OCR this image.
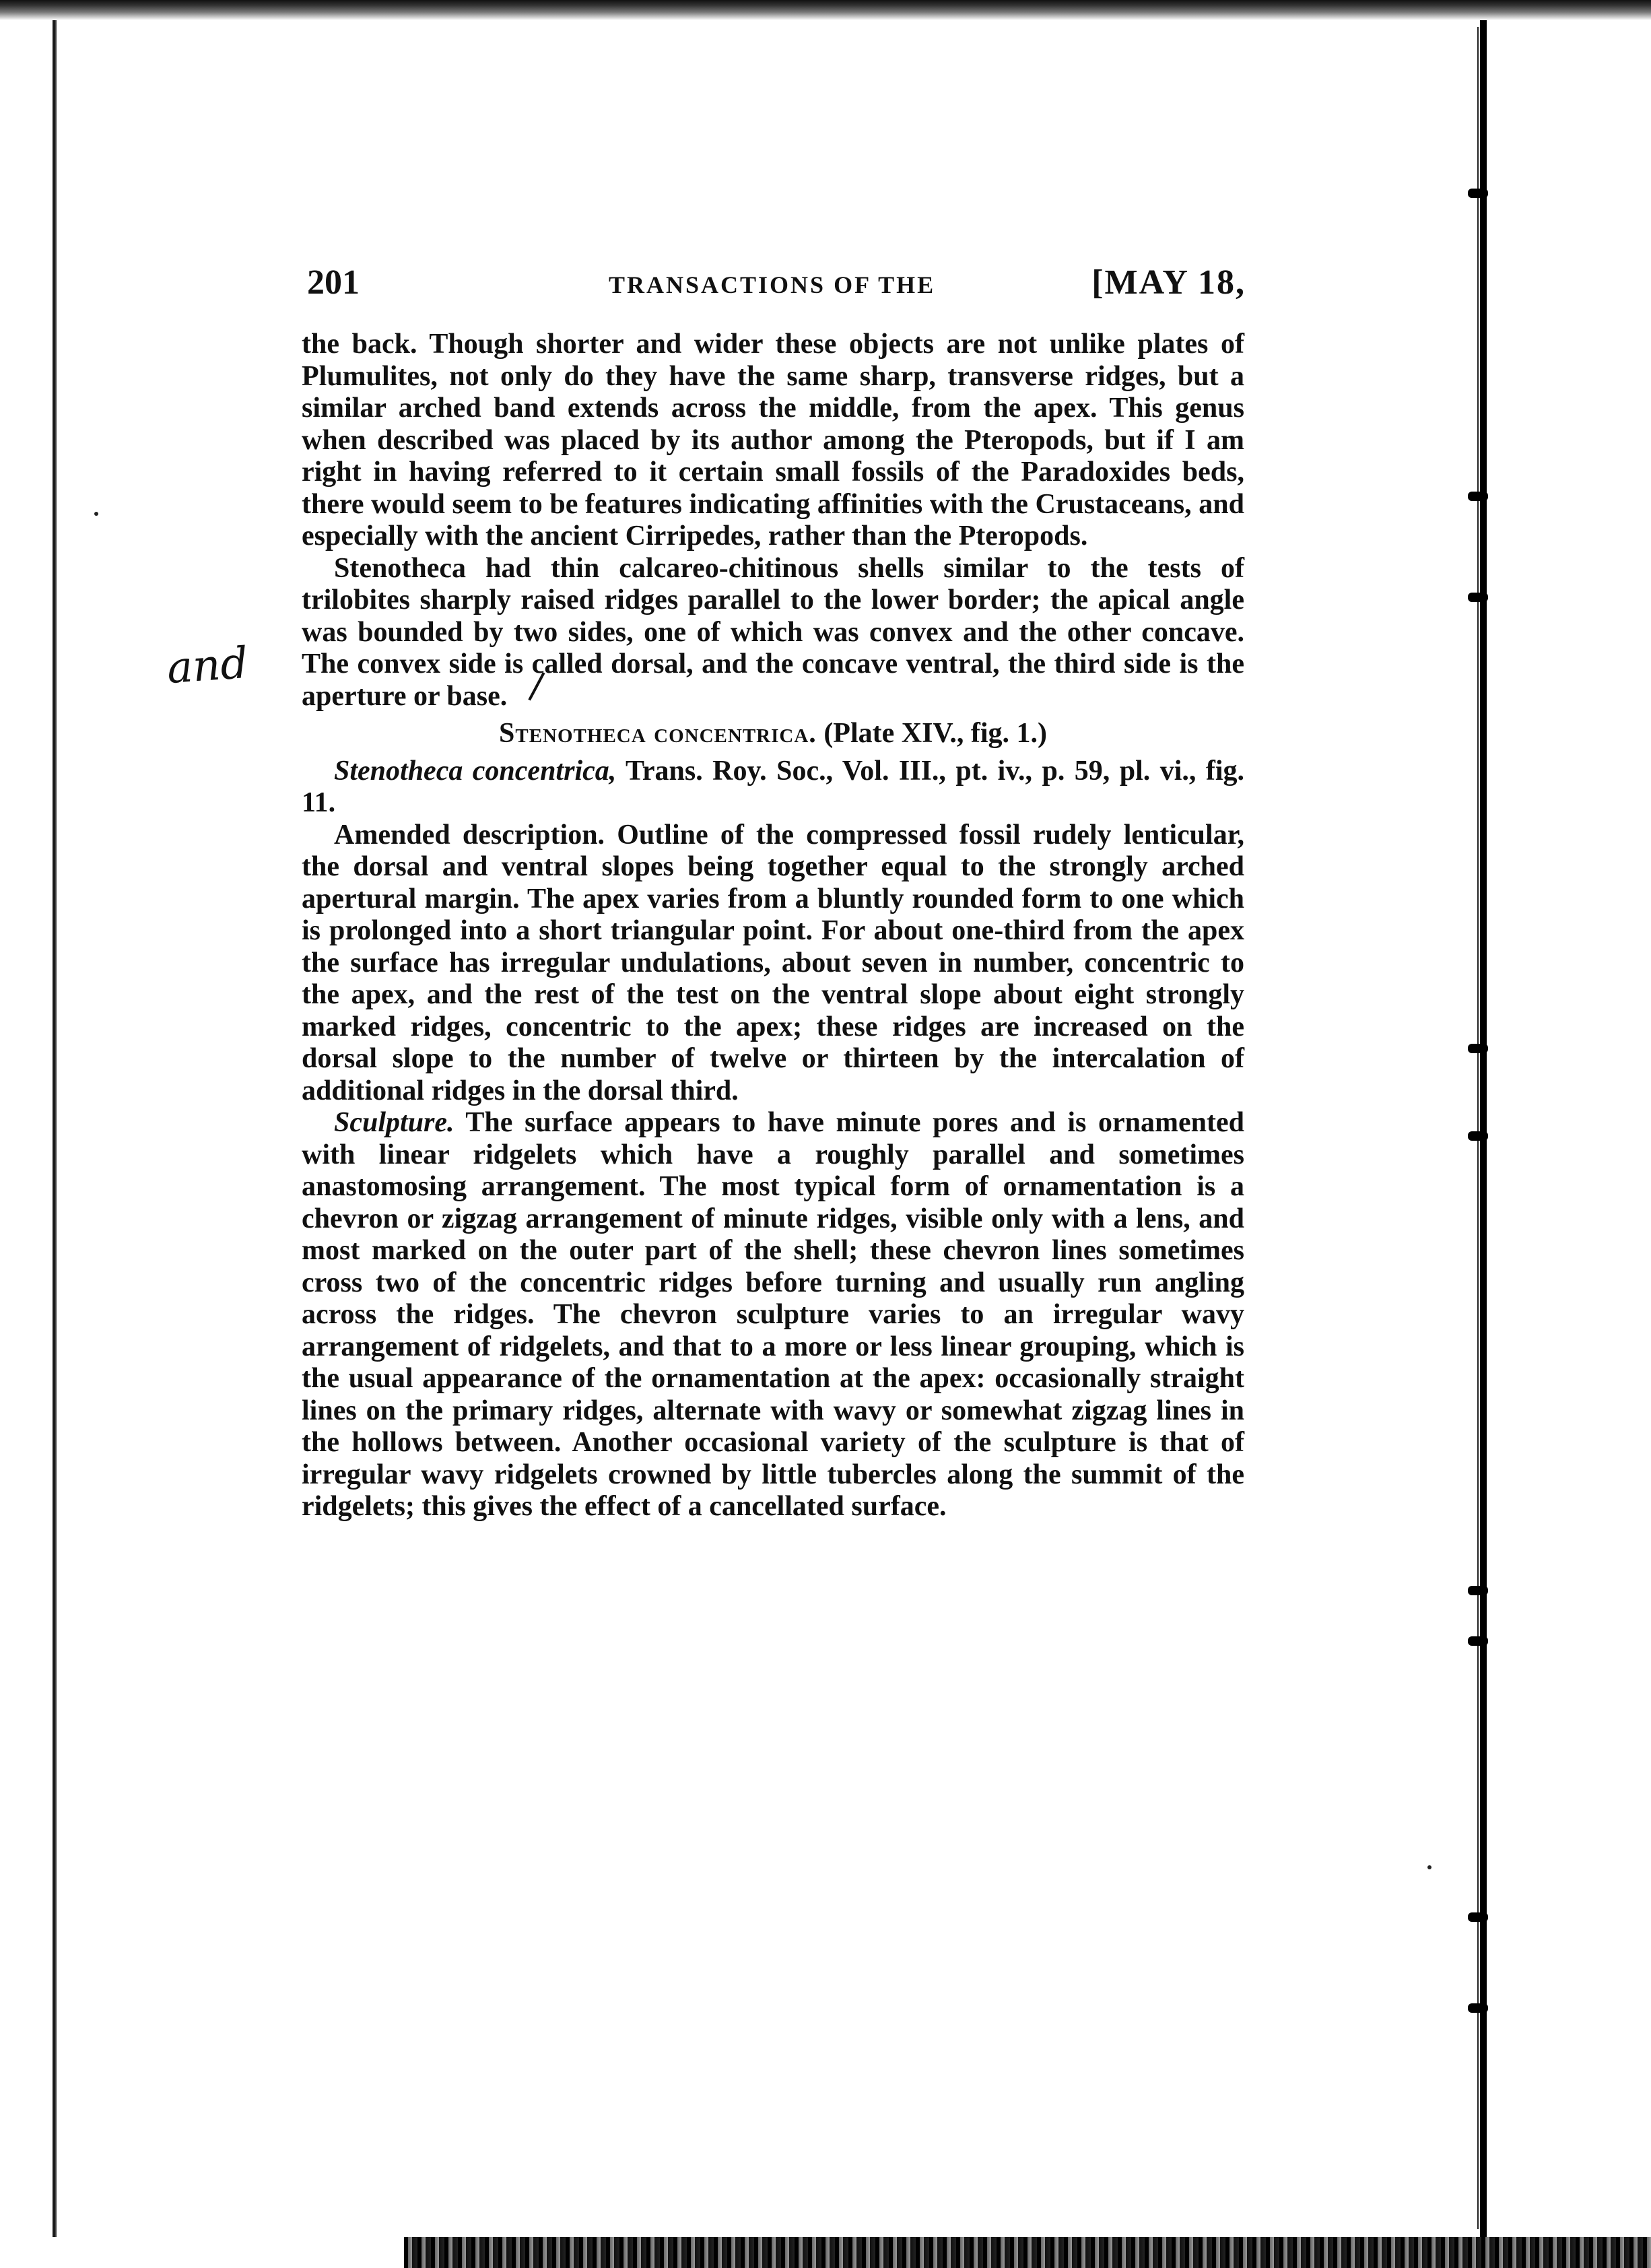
201	TRANSACTIONS OF THE	[MAY 18,

the back. Though shorter and wider these objects are not unlike plates of Plumulites, not only do they have the same sharp, transverse ridges, but a similar arched band extends across the middle, from the apex. This genus when described was placed by its author among the Pteropods, but if I am right in having referred to it certain small fossils of the Paradoxides beds, there would seem to be features indicating affinities with the Crustaceans, and especially with the ancient Cirripedes, rather than the Pteropods.

Stenotheca had thin calcareo-chitinous shells similar to the tests of trilobites sharply raised ridges parallel to the lower border; the apical angle was bounded by two sides, one of which was convex and the other concave. The convex side is called dorsal, and the concave ventral, the third side is the aperture or base.

Stenotheca concentrica. (Plate XIV., fig. 1.)

Stenotheca concentrica, Trans. Roy. Soc., Vol. III., pt. iv., p. 59, pl. vi., fig. 11.

Amended description. Outline of the compressed fossil rudely lenticular, the dorsal and ventral slopes being together equal to the strongly arched apertural margin. The apex varies from a bluntly rounded form to one which is prolonged into a short triangular point. For about one-third from the apex the surface has irregular undulations, about seven in number, concentric to the apex, and the rest of the test on the ventral slope about eight strongly marked ridges, concentric to the apex; these ridges are increased on the dorsal slope to the number of twelve or thirteen by the intercalation of additional ridges in the dorsal third.

Sculpture. The surface appears to have minute pores and is ornamented with linear ridgelets which have a roughly parallel and sometimes anastomosing arrangement. The most typical form of ornamentation is a chevron or zigzag arrangement of minute ridges, visible only with a lens, and most marked on the outer part of the shell; these chevron lines sometimes cross two of the concentric ridges before turning and usually run angling across the ridges. The chevron sculpture varies to an irregular wavy arrangement of ridgelets, and that to a more or less linear grouping, which is the usual appearance of the ornamentation at the apex: occasionally straight lines on the primary ridges, alternate with wavy or somewhat zigzag lines in the hollows between. Another occasional variety of the sculpture is that of irregular wavy ridgelets crowned by little tubercles along the summit of the ridgelets; this gives the effect of a cancellated surface.

and
